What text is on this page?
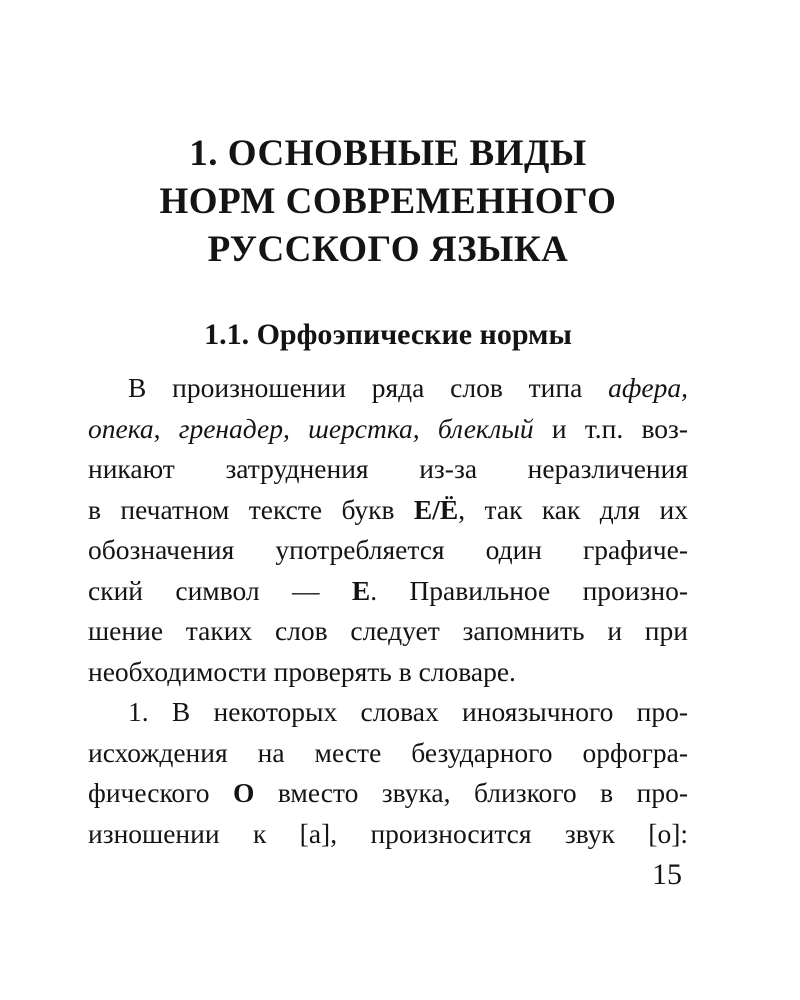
1. ОСНОВНЫЕ ВИДЫ
НОРМ СОВРЕМЕННОГО
РУССКОГО ЯЗЫКА
1.1. Орфоэпические нормы
В произношении ряда слов типа афера,
опека, гренадер, шерстка, блеклый и т.п. воз-
никают затруднения из-за неразличения
в печатном тексте букв Е/Ё, так как для их
обозначения употребляется один графиче-
ский символ — Е. Правильное произно-
шение таких слов следует запомнить и при
необходимости проверять в словаре.
1. В некоторых словах иноязычного про-
исхождения на месте безударного орфогра-
фического О вместо звука, близкого в про-
изношении к [а], произносится звук [о]:
15
